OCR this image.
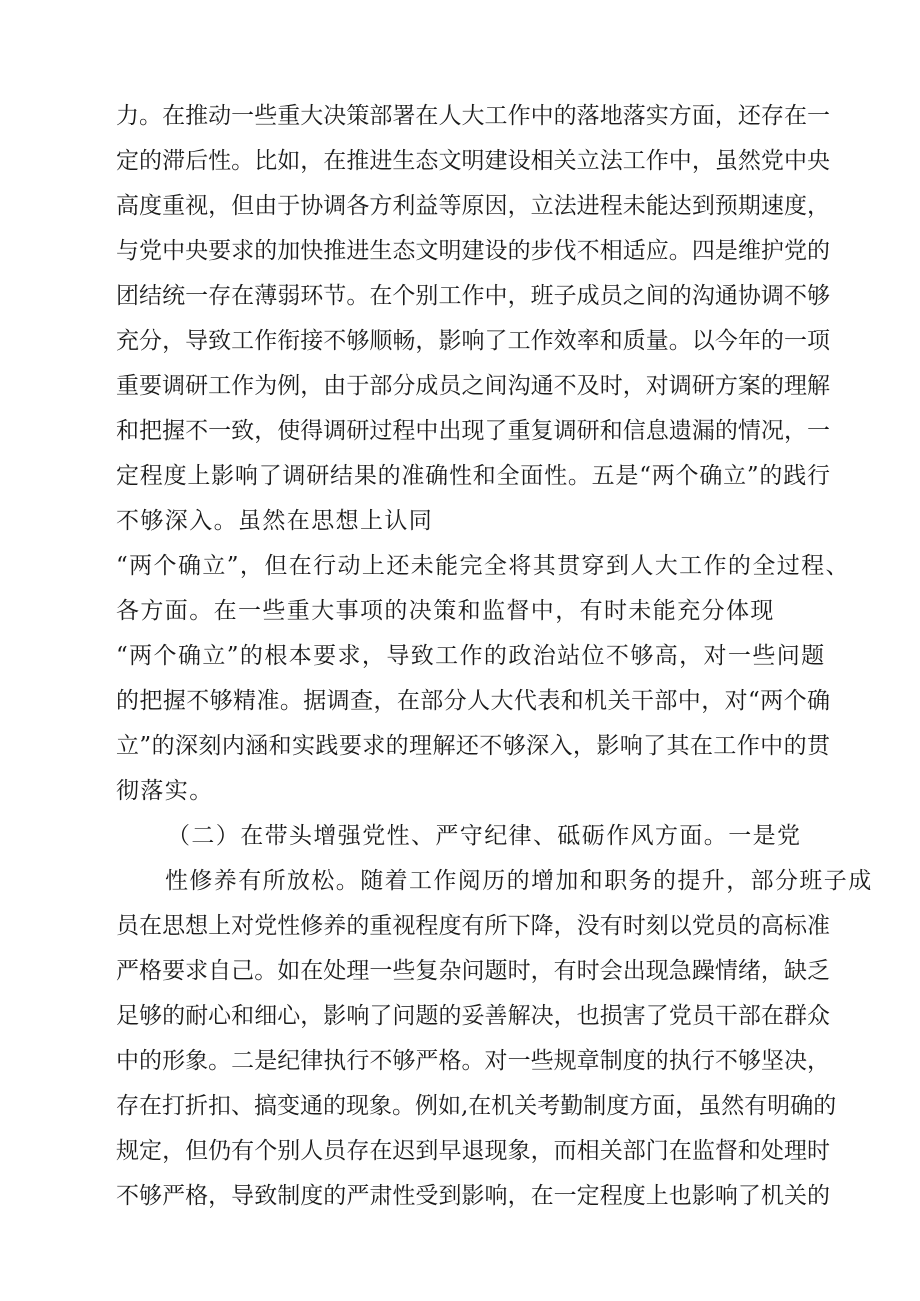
力。在推动一些重大决策部署在人大工作中的落地落实方面，还存在一
定的滞后性。比如，在推进生态文明建设相关立法工作中，虽然党中央
高度重视，但由于协调各方利益等原因，立法进程未能达到预期速度，
与党中央要求的加快推进生态文明建设的步伐不相适应。四是维护党的
团结统一存在薄弱环节。在个别工作中，班子成员之间的沟通协调不够
充分，导致工作衔接不够顺畅，影响了工作效率和质量。以今年的一项
重要调研工作为例，由于部分成员之间沟通不及时，对调研方案的理解
和把握不一致，使得调研过程中出现了重复调研和信息遗漏的情况，一
定程度上影响了调研结果的准确性和全面性。五是“两个确立”的践行
不够深入。虽然在思想上认同
“两个确立”，但在行动上还未能完全将其贯穿到人大工作的全过程、
各方面。在一些重大事项的决策和监督中，有时未能充分体现
“两个确立”的根本要求，导致工作的政治站位不够高，对一些问题
的把握不够精准。据调查，在部分人大代表和机关干部中，对“两个确
立”的深刻内涵和实践要求的理解还不够深入，影响了其在工作中的贯
彻落实。
（二）在带头增强党性、严守纪律、砥砺作风方面。一是党
性修养有所放松。随着工作阅历的增加和职务的提升，部分班子成
员在思想上对党性修养的重视程度有所下降，没有时刻以党员的高标准
严格要求自己。如在处理一些复杂问题时，有时会出现急躁情绪，缺乏
足够的耐心和细心，影响了问题的妥善解决，也损害了党员干部在群众
中的形象。二是纪律执行不够严格。对一些规章制度的执行不够坚决，
存在打折扣、搞变通的现象。例如,在机关考勤制度方面，虽然有明确的
规定，但仍有个别人员存在迟到早退现象，而相关部门在监督和处理时
不够严格，导致制度的严肃性受到影响，在一定程度上也影响了机关的
